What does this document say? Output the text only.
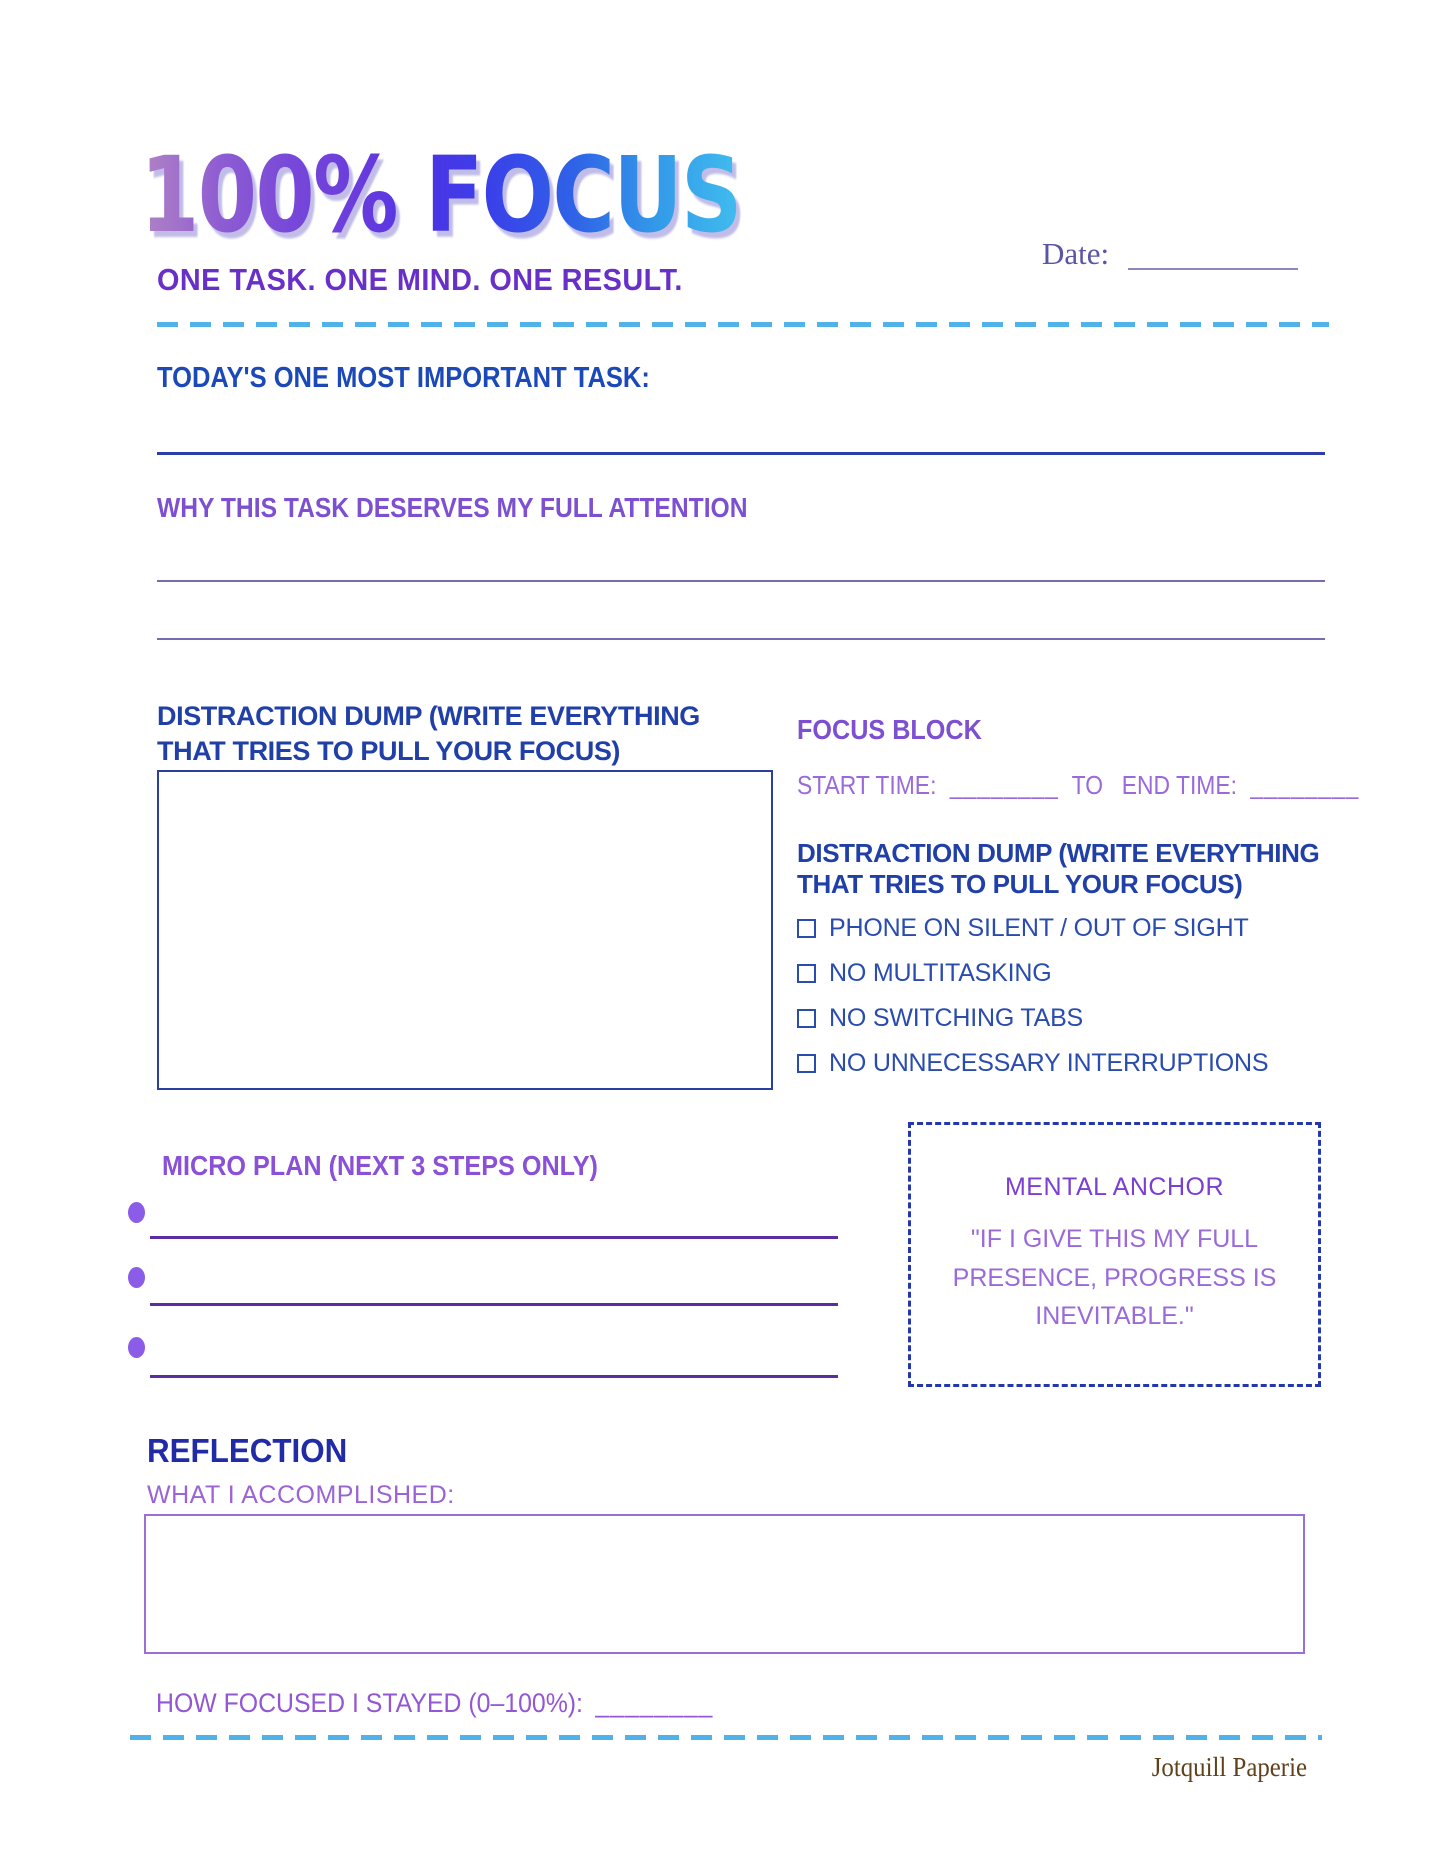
100% FOCUS
ONE TASK. ONE MIND. ONE RESULT.
Date:
TODAY'S ONE MOST IMPORTANT TASK:
WHY THIS TASK DESERVES MY FULL ATTENTION
DISTRACTION DUMP (WRITE EVERYTHING THAT TRIES TO PULL YOUR FOCUS)
FOCUS BLOCK
START TIME: ________ TO END TIME: ________
DISTRACTION DUMP (WRITE EVERYTHING THAT TRIES TO PULL YOUR FOCUS)
PHONE ON SILENT / OUT OF SIGHT
NO MULTITASKING
NO SWITCHING TABS
NO UNNECESSARY INTERRUPTIONS
MICRO PLAN (NEXT 3 STEPS ONLY)
MENTAL ANCHOR
"IF I GIVE THIS MY FULL PRESENCE, PROGRESS IS INEVITABLE."
REFLECTION
WHAT I ACCOMPLISHED:
HOW FOCUSED I STAYED (0–100%): ________
Jotquill Paperie
